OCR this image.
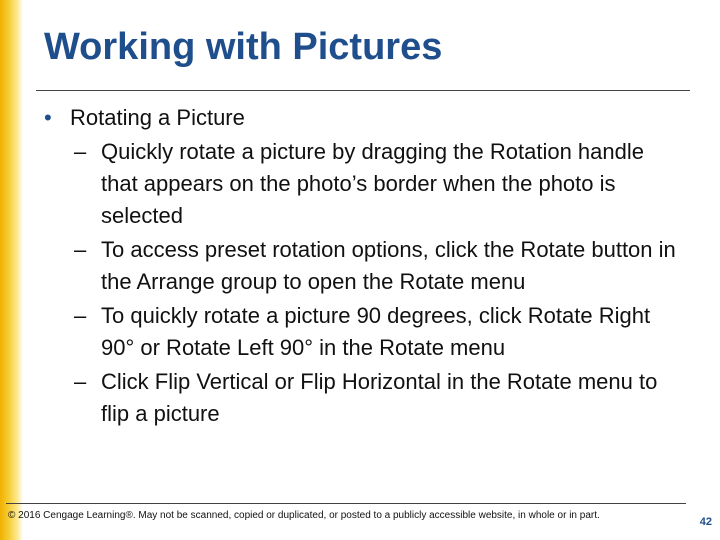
Working with Pictures
• Rotating a Picture
– Quickly rotate a picture by dragging the Rotation handle that appears on the photo’s border when the photo is selected
– To access preset rotation options, click the Rotate button in the Arrange group to open the Rotate menu
– To quickly rotate a picture 90 degrees, click Rotate Right 90° or Rotate Left 90° in the Rotate menu
– Click Flip Vertical or Flip Horizontal in the Rotate menu to flip a picture
© 2016 Cengage Learning®. May not be scanned, copied or duplicated, or posted to a publicly accessible website, in whole or in part.
42
